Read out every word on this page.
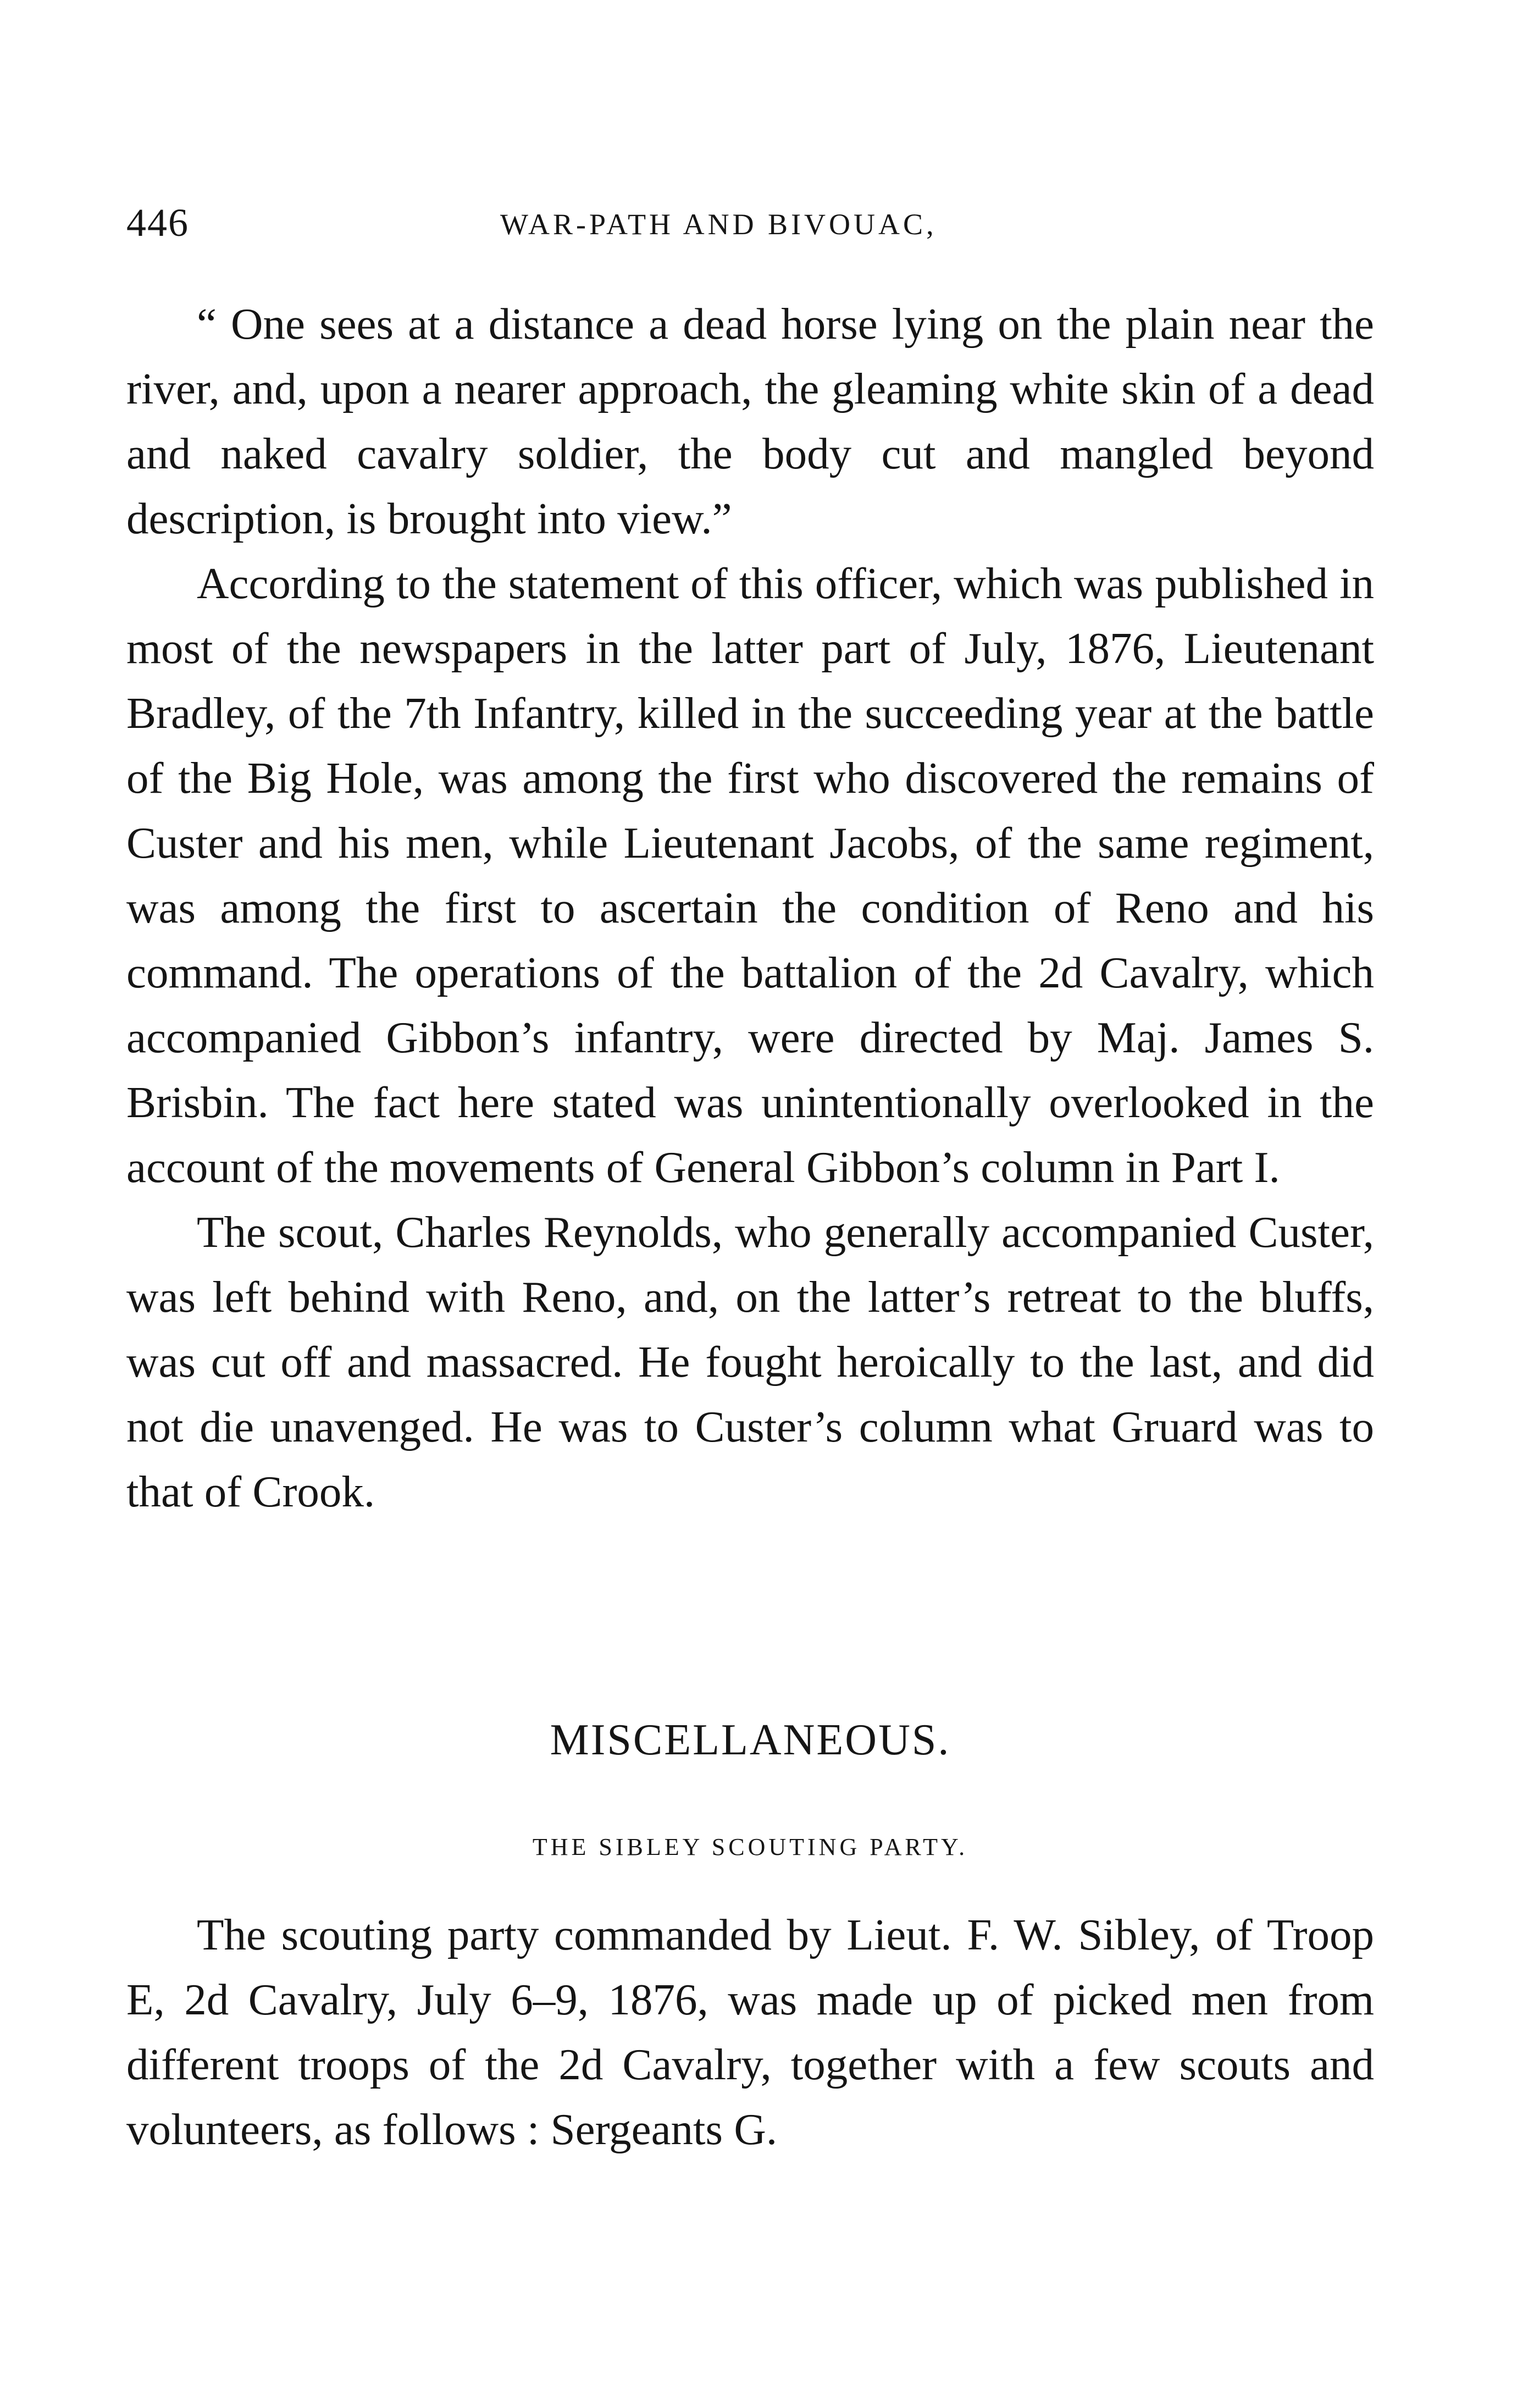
446	WAR-PATH AND BIVOUAC,

“ One sees at a distance a dead horse lying on the plain near the river, and, upon a nearer approach, the gleaming white skin of a dead and naked cavalry soldier, the body cut and mangled beyond description, is brought into view.”

According to the statement of this officer, which was published in most of the newspapers in the latter part of July, 1876, Lieutenant Bradley, of the 7th Infantry, killed in the succeeding year at the battle of the Big Hole, was among the first who discovered the remains of Custer and his men, while Lieutenant Jacobs, of the same regiment, was among the first to ascertain the condition of Reno and his command. The operations of the battalion of the 2d Cavalry, which accompanied Gibbon’s infantry, were directed by Maj. James S. Brisbin. The fact here stated was unintentionally overlooked in the account of the movements of General Gibbon’s column in Part I.

The scout, Charles Reynolds, who generally accompanied Custer, was left behind with Reno, and, on the latter’s retreat to the bluffs, was cut off and massacred. He fought heroically to the last, and did not die unavenged. He was to Custer’s column what Gruard was to that of Crook.

MISCELLANEOUS.
THE SIBLEY SCOUTING PARTY.

The scouting party commanded by Lieut. F. W. Sibley, of Troop E, 2d Cavalry, July 6–9, 1876, was made up of picked men from different troops of the 2d Cavalry, together with a few scouts and volunteers, as follows : Sergeants G.
